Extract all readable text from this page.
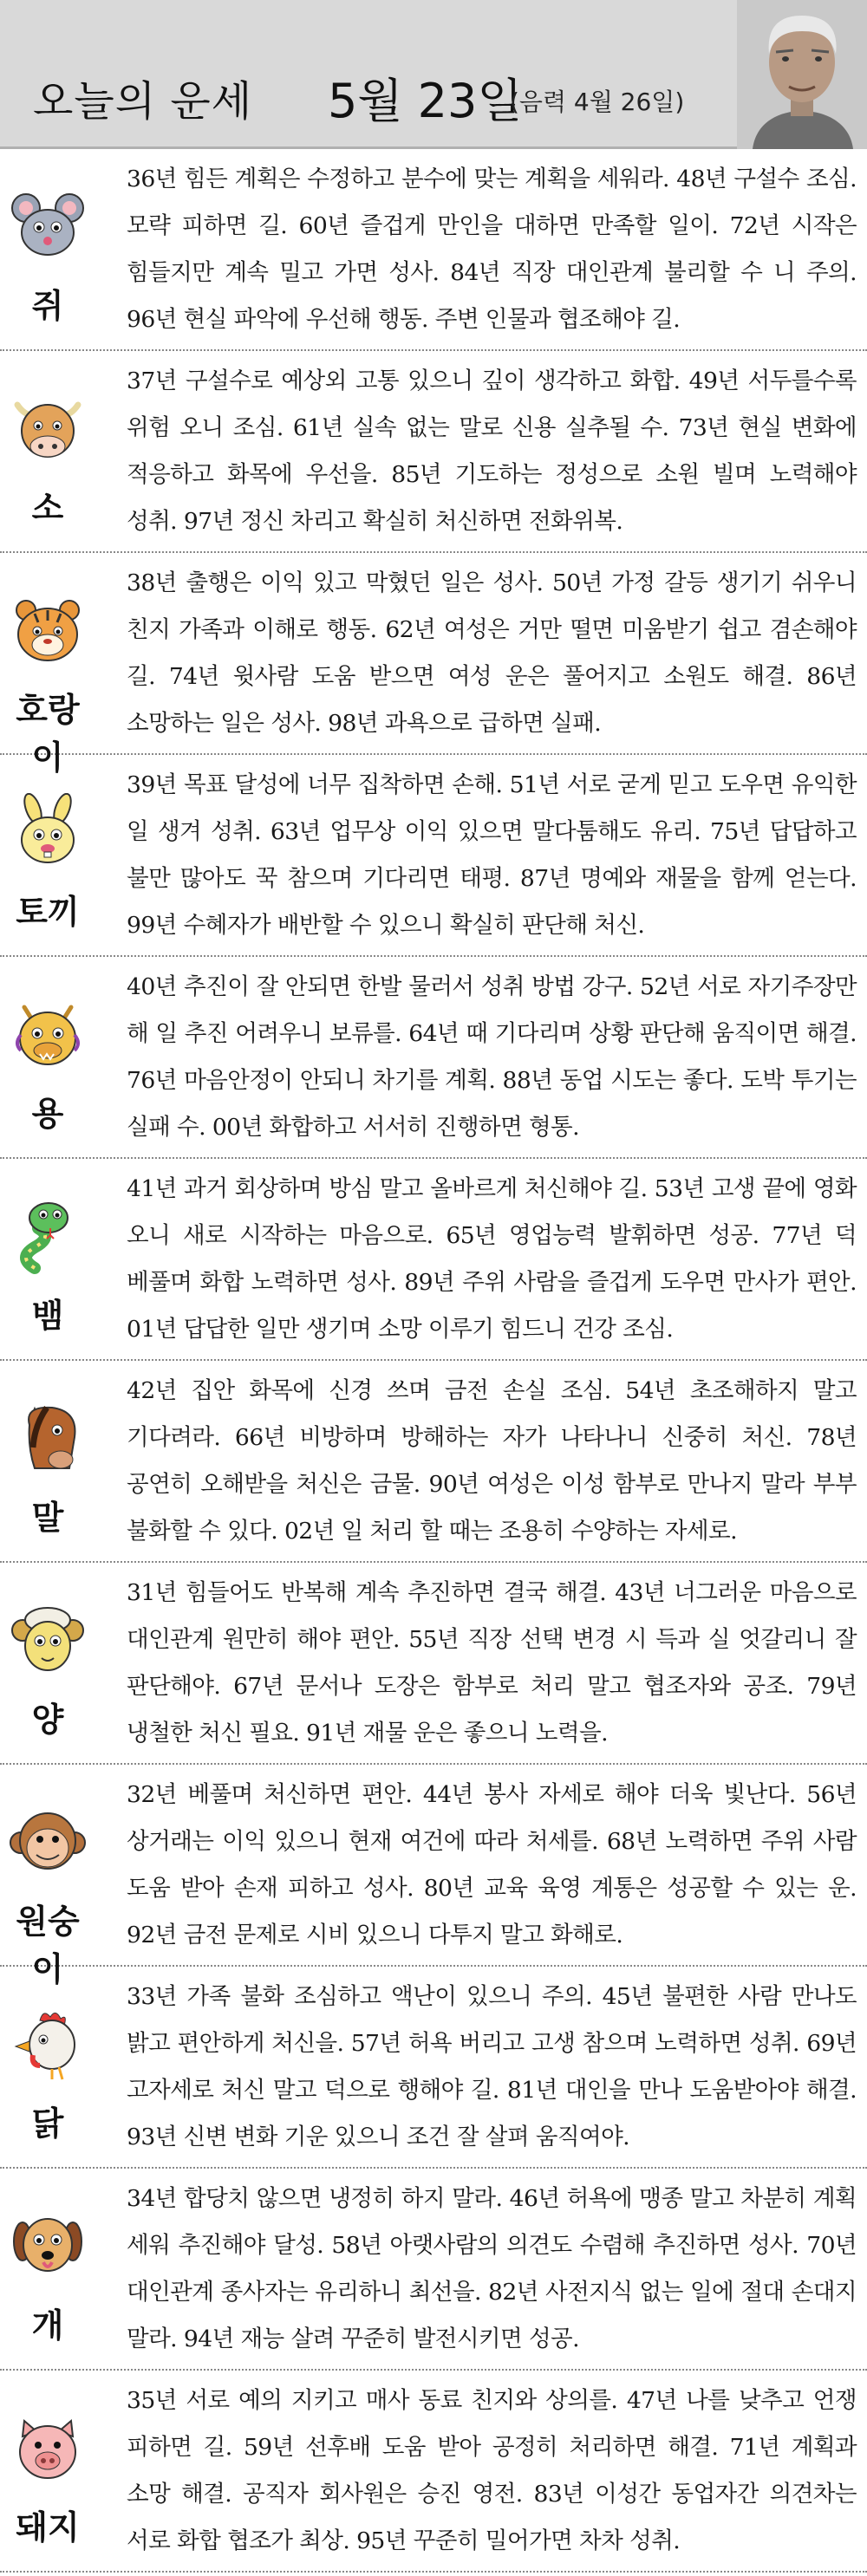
오늘의 운세 5월 23일
(음력 4월 26일)
쥐
36년 힘든 계획은 수정하고 분수에 맞는 계획을 세워라. 48년 구설수 조심. 모략 피하면 길. 60년 즐겁게 만인을 대하면 만족할 일이. 72년 시작은 힘들지만 계속 밀고 가면 성사. 84년 직장 대인관계 불리할 수 니 주의. 96년 현실 파악에 우선해 행동. 주변 인물과 협조해야 길.
소
37년 구설수로 예상외 고통 있으니 깊이 생각하고 화합. 49년 서두를수록 위험 오니 조심. 61년 실속 없는 말로 신용 실추될 수. 73년 현실 변화에 적응하고 화목에 우선을. 85년 기도하는 정성으로 소원 빌며 노력해야 성취. 97년 정신 차리고 확실히 처신하면 전화위복.
호랑이
38년 출행은 이익 있고 막혔던 일은 성사. 50년 가정 갈등 생기기 쉬우니 친지 가족과 이해로 행동. 62년 여성은 거만 떨면 미움받기 쉽고 겸손해야 길. 74년 윗사람 도움 받으면 여성 운은 풀어지고 소원도 해결. 86년 소망하는 일은 성사. 98년 과욕으로 급하면 실패.
토끼
39년 목표 달성에 너무 집착하면 손해. 51년 서로 굳게 믿고 도우면 유익한 일 생겨 성취. 63년 업무상 이익 있으면 말다툼해도 유리. 75년 답답하고 불만 많아도 꾹 참으며 기다리면 태평. 87년 명예와 재물을 함께 얻는다. 99년 수혜자가 배반할 수 있으니 확실히 판단해 처신.
용
40년 추진이 잘 안되면 한발 물러서 성취 방법 강구. 52년 서로 자기주장만 해 일 추진 어려우니 보류를. 64년 때 기다리며 상황 판단해 움직이면 해결. 76년 마음안정이 안되니 차기를 계획. 88년 동업 시도는 좋다. 도박 투기는 실패 수. 00년 화합하고 서서히 진행하면 형통.
뱀
41년 과거 회상하며 방심 말고 올바르게 처신해야 길. 53년 고생 끝에 영화 오니 새로 시작하는 마음으로. 65년 영업능력 발휘하면 성공. 77년 덕 베풀며 화합 노력하면 성사. 89년 주위 사람을 즐겁게 도우면 만사가 편안. 01년 답답한 일만 생기며 소망 이루기 힘드니 건강 조심.
말
42년 집안 화목에 신경 쓰며 금전 손실 조심. 54년 초조해하지 말고 기다려라. 66년 비방하며 방해하는 자가 나타나니 신중히 처신. 78년 공연히 오해받을 처신은 금물. 90년 여성은 이성 함부로 만나지 말라 부부 불화할 수 있다. 02년 일 처리 할 때는 조용히 수양하는 자세로.
양
31년 힘들어도 반복해 계속 추진하면 결국 해결. 43년 너그러운 마음으로 대인관계 원만히 해야 편안. 55년 직장 선택 변경 시 득과 실 엇갈리니 잘 판단해야. 67년 문서나 도장은 함부로 처리 말고 협조자와 공조. 79년 냉철한 처신 필요. 91년 재물 운은 좋으니 노력을.
원숭이
32년 베풀며 처신하면 편안. 44년 봉사 자세로 해야 더욱 빛난다. 56년 상거래는 이익 있으니 현재 여건에 따라 처세를. 68년 노력하면 주위 사람 도움 받아 손재 피하고 성사. 80년 교육 육영 계통은 성공할 수 있는 운. 92년 금전 문제로 시비 있으니 다투지 말고 화해로.
닭
33년 가족 불화 조심하고 액난이 있으니 주의. 45년 불편한 사람 만나도 밝고 편안하게 처신을. 57년 허욕 버리고 고생 참으며 노력하면 성취. 69년 고자세로 처신 말고 덕으로 행해야 길. 81년 대인을 만나 도움받아야 해결. 93년 신변 변화 기운 있으니 조건 잘 살펴 움직여야.
개
34년 합당치 않으면 냉정히 하지 말라. 46년 허욕에 맹종 말고 차분히 계획 세워 추진해야 달성. 58년 아랫사람의 의견도 수렴해 추진하면 성사. 70년 대인관계 종사자는 유리하니 최선을. 82년 사전지식 없는 일에 절대 손대지 말라. 94년 재능 살려 꾸준히 발전시키면 성공.
돼지
35년 서로 예의 지키고 매사 동료 친지와 상의를. 47년 나를 낮추고 언쟁 피하면 길. 59년 선후배 도움 받아 공정히 처리하면 해결. 71년 계획과 소망 해결. 공직자 회사원은 승진 영전. 83년 이성간 동업자간 의견차는 서로 화합 협조가 최상. 95년 꾸준히 밀어가면 차차 성취.
